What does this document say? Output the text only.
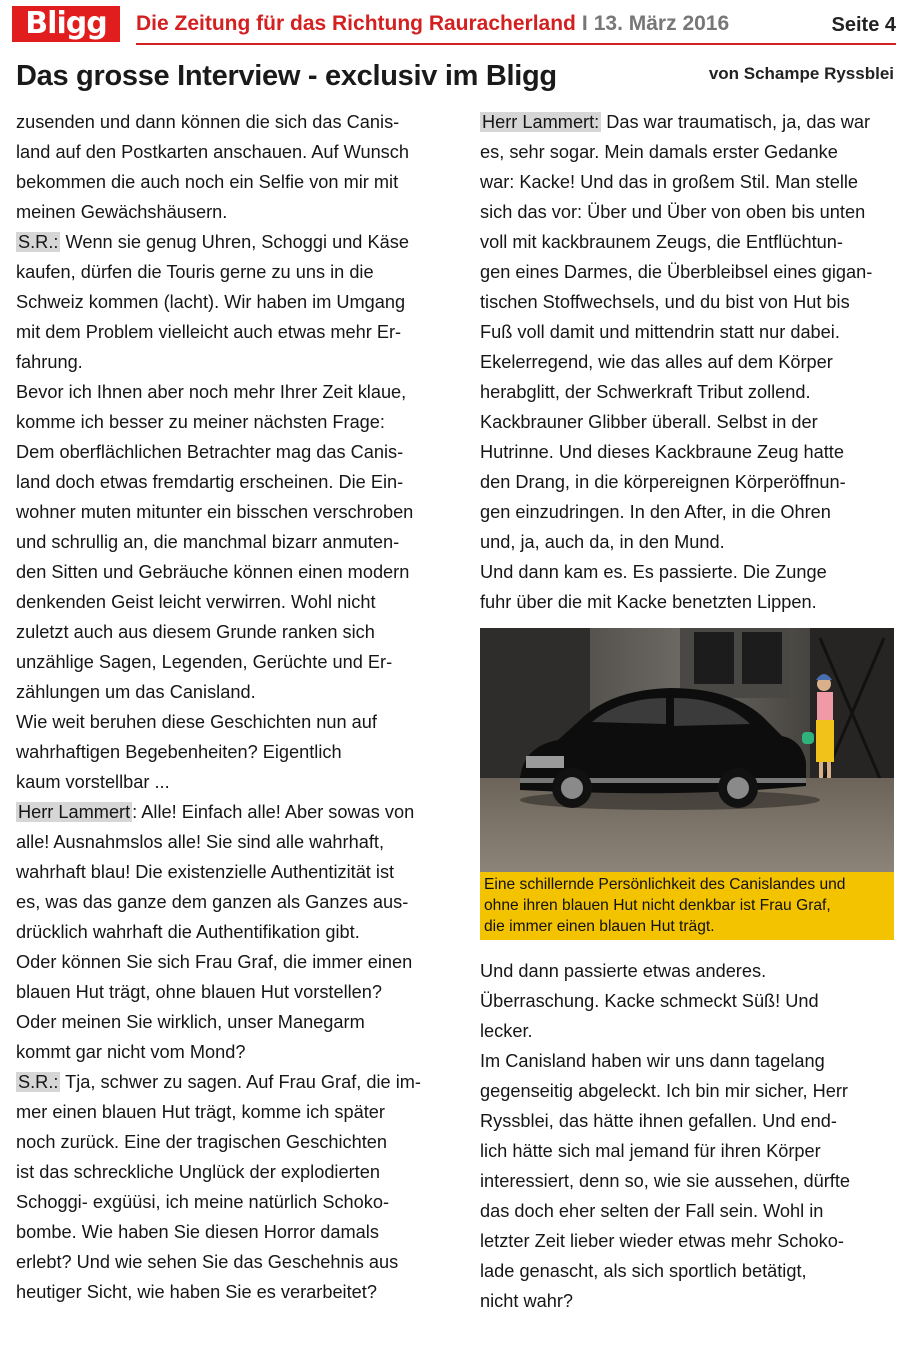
Bligg	Die Zeitung für das Richtung Rauracherland I 13. März 2016	Seite 4
Das grosse Interview - exclusiv im Bligg	von Schampe Ryssblei

zusenden und dann können die sich das Canis-

land auf den Postkarten anschauen. Auf Wunsch

bekommen die auch noch ein Selfie von mir mit

meinen Gewächshäusern.

S.R.: Wenn sie genug Uhren, Schoggi und Käse

kaufen, dürfen die Touris gerne zu uns in die

Schweiz kommen (lacht). Wir haben im Umgang

mit dem Problem vielleicht auch etwas mehr Er-

fahrung.

Bevor ich Ihnen aber noch mehr Ihrer Zeit klaue,

komme ich besser zu meiner nächsten Frage:

Dem oberflächlichen Betrachter mag das Canis-

land doch etwas fremdartig erscheinen. Die Ein-

wohner muten mitunter ein bisschen verschroben

und schrullig an, die manchmal bizarr anmuten-

den Sitten und Gebräuche können einen modern

denkenden Geist leicht verwirren. Wohl nicht

zuletzt auch aus diesem Grunde ranken sich

unzählige Sagen, Legenden, Gerüchte und Er-

zählungen um das Canisland.

Wie weit beruhen diese Geschichten nun auf

wahrhaftigen Begebenheiten? Eigentlich

kaum vorstellbar ...

Herr Lammert : Alle! Einfach alle! Aber sowas von

alle! Ausnahmslos alle! Sie sind alle wahrhaft,

wahrhaft blau! Die existenzielle Authentizität ist

es, was das ganze dem ganzen als Ganzes aus-

drücklich wahrhaft die Authentifikation gibt.

Oder können Sie sich Frau Graf, die immer einen

blauen Hut trägt, ohne blauen Hut vorstellen?

Oder meinen Sie wirklich, unser Manegarm

kommt gar nicht vom Mond?

S.R.: Tja, schwer zu sagen. Auf Frau Graf, die im-

mer einen blauen Hut trägt, komme ich später

noch zurück. Eine der tragischen Geschichten

ist das schreckliche Unglück der explodierten

Schoggi- exgüüsi, ich meine natürlich Schoko-

bombe. Wie haben Sie diesen Horror damals

erlebt? Und wie sehen Sie das Geschehnis aus

heutiger Sicht, wie haben Sie es verarbeitet?

Herr Lammert: Das war traumatisch, ja, das war

es, sehr sogar. Mein damals erster Gedanke

war: Kacke! Und das in großem Stil. Man stelle

sich das vor: Über und Über von oben bis unten

voll mit kackbraunem Zeugs, die Entflüchtun-

gen eines Darmes, die Überbleibsel eines gigan-

tischen Stoffwechsels, und du bist von Hut bis

Fuß voll damit und mittendrin statt nur dabei.

Ekelerregend, wie das alles auf dem Körper

herabglitt, der Schwerkraft Tribut zollend.

Kackbrauner Glibber überall. Selbst in der

Hutrinne. Und dieses Kackbraune Zeug hatte

den Drang, in die körpereignen Körperöffnun-

gen einzudringen. In den After, in die Ohren

und, ja, auch da, in den Mund.

Und dann kam es. Es passierte. Die Zunge

fuhr über die mit Kacke benetzten Lippen.

Eine schillernde Persönlichkeit des Canislandes und

ohne ihren blauen Hut nicht denkbar ist Frau Graf,

die immer einen blauen Hut trägt.

Und dann passierte etwas anderes.

Überraschung. Kacke schmeckt Süß! Und

lecker.

Im Canisland haben wir uns dann tagelang

gegenseitig abgeleckt. Ich bin mir sicher, Herr

Ryssblei, das hätte ihnen gefallen. Und end-

lich hätte sich mal jemand für ihren Körper

interessiert, denn so, wie sie aussehen, dürfte

das doch eher selten der Fall sein. Wohl in

letzter Zeit lieber wieder etwas mehr Schoko-

lade genascht, als sich sportlich betätigt,

nicht wahr?
